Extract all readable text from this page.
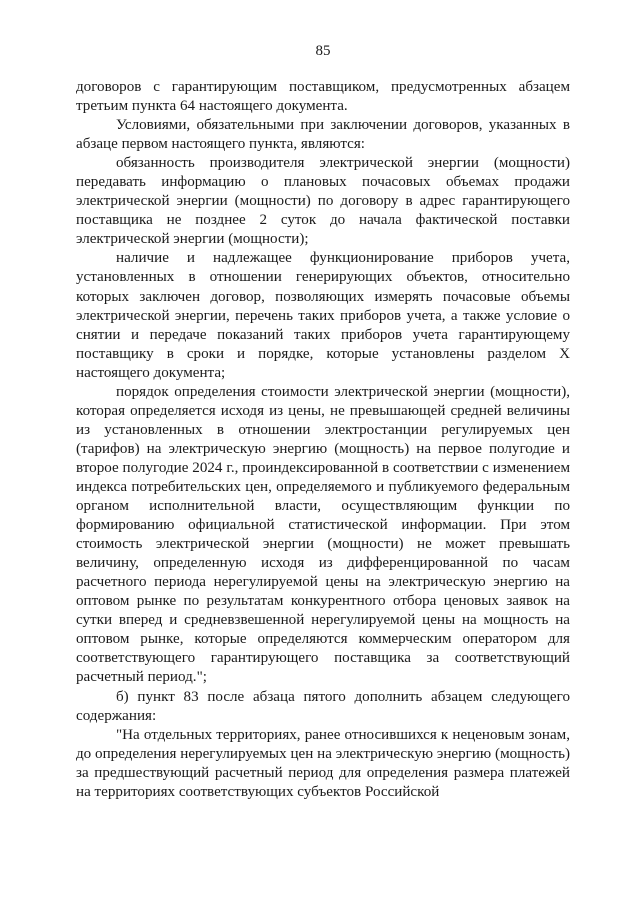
85

договоров с гарантирующим поставщиком, предусмотренных абзацем третьим пункта 64 настоящего документа.

Условиями, обязательными при заключении договоров, указанных в абзаце первом настоящего пункта, являются:

обязанность производителя электрической энергии (мощности) передавать информацию о плановых почасовых объемах продажи электрической энергии (мощности) по договору в адрес гарантирующего поставщика не позднее 2 суток до начала фактической поставки электрической энергии (мощности);

наличие и надлежащее функционирование приборов учета, установленных в отношении генерирующих объектов, относительно которых заключен договор, позволяющих измерять почасовые объемы электрической энергии, перечень таких приборов учета, а также условие о снятии и передаче показаний таких приборов учета гарантирующему поставщику в сроки и порядке, которые установлены разделом X настоящего документа;

порядок определения стоимости электрической энергии (мощности), которая определяется исходя из цены, не превышающей средней величины из установленных в отношении электростанции регулируемых цен (тарифов) на электрическую энергию (мощность) на первое полугодие и второе полугодие 2024 г., проиндексированной в соответствии с изменением индекса потребительских цен, определяемого и публикуемого федеральным органом исполнительной власти, осуществляющим функции по формированию официальной статистической информации. При этом стоимость электрической энергии (мощности) не может превышать величину, определенную исходя из дифференцированной по часам расчетного периода нерегулируемой цены на электрическую энергию на оптовом рынке по результатам конкурентного отбора ценовых заявок на сутки вперед и средневзвешенной нерегулируемой цены на мощность на оптовом рынке, которые определяются коммерческим оператором для соответствующего гарантирующего поставщика за соответствующий расчетный период.";

б) пункт 83 после абзаца пятого дополнить абзацем следующего содержания:

"На отдельных территориях, ранее относившихся к неценовым зонам, до определения нерегулируемых цен на электрическую энергию (мощность) за предшествующий расчетный период для определения размера платежей на территориях соответствующих субъектов Российской
